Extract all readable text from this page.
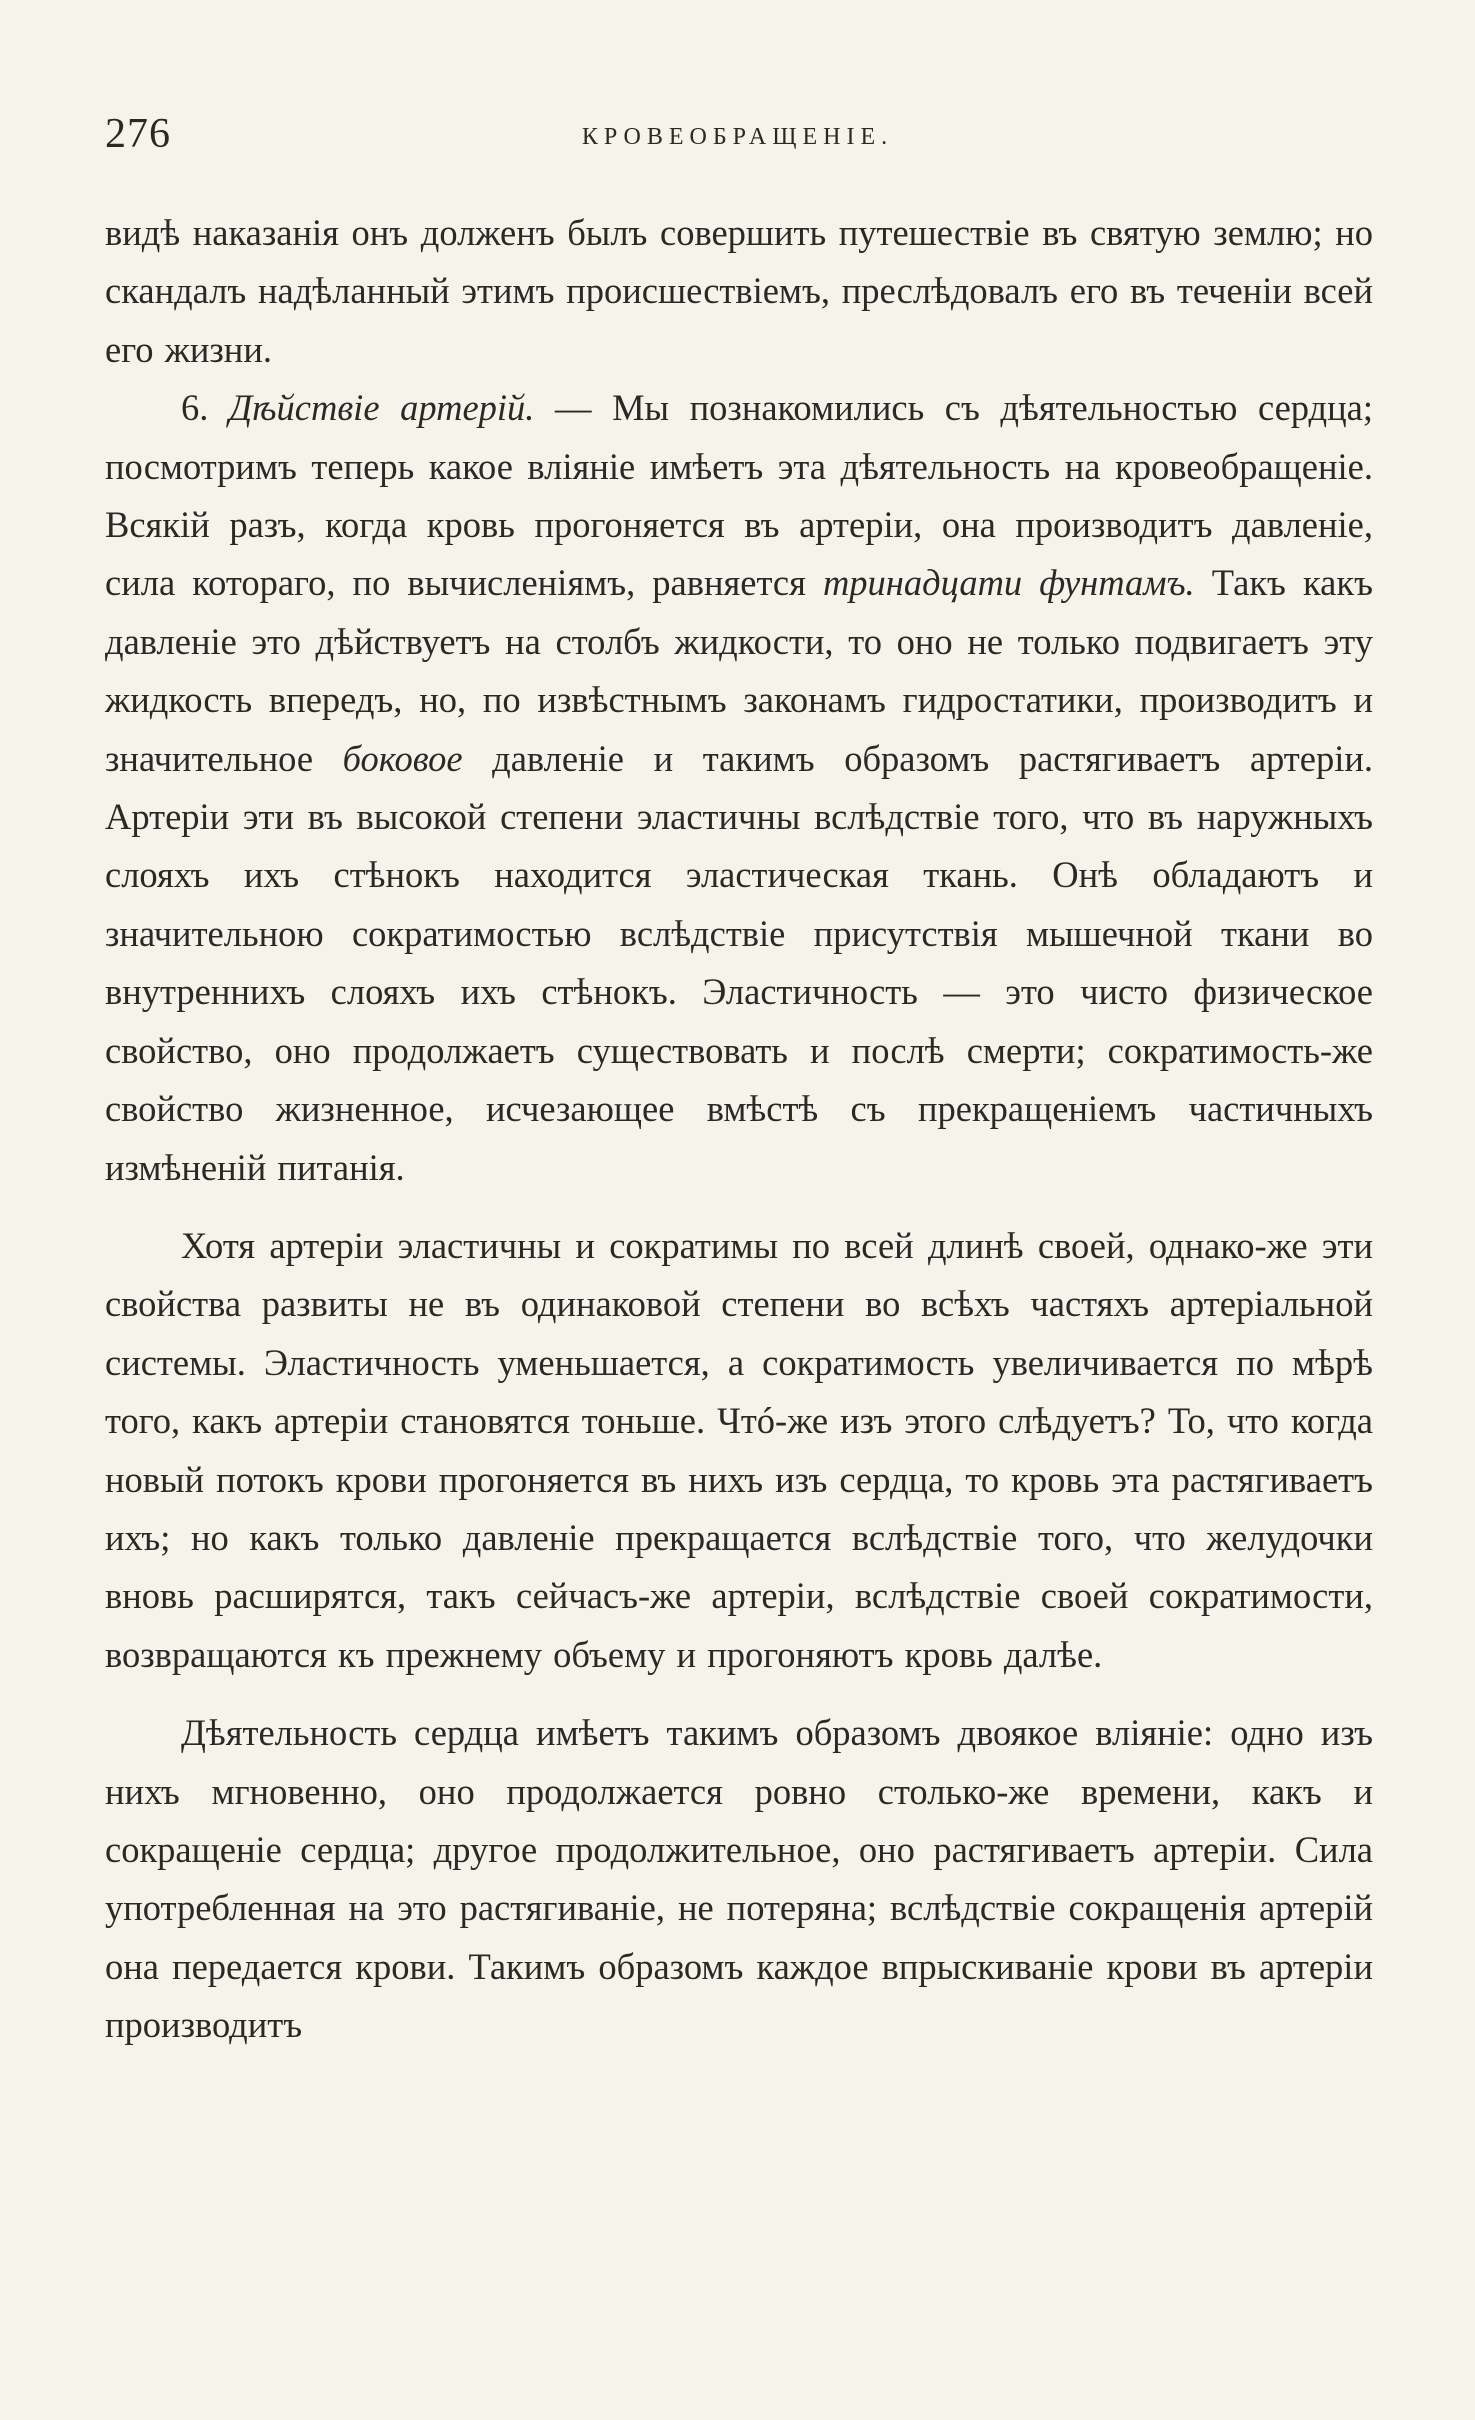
276	КРОВЕОБРАЩЕНІЕ.

видѣ наказанія онъ долженъ былъ совершить путешествіе въ святую землю; но скандалъ надѣланный этимъ происшествіемъ, преслѣдовалъ его въ теченіи всей его жизни.

6. Дѣйствіе артерій. — Мы познакомились съ дѣятельностью сердца; посмотримъ теперь какое вліяніе имѣетъ эта дѣятельность на кровеобращеніе. Всякій разъ, когда кровь прогоняется въ артеріи, она производитъ давленіе, сила котораго, по вычисленіямъ, равняется тринадцати фунтамъ. Такъ какъ давленіе это дѣйствуетъ на столбъ жидкости, то оно не только подвигаетъ эту жидкость впередъ, но, по извѣстнымъ законамъ гидростатики, производитъ и значительное боковое давленіе и такимъ образомъ растягиваетъ артеріи. Артеріи эти въ высокой степени эластичны вслѣдствіе того, что въ наружныхъ слояхъ ихъ стѣнокъ находится эластическая ткань. Онѣ обладаютъ и значительною сократимостью вслѣдствіе присутствія мышечной ткани во внутреннихъ слояхъ ихъ стѣнокъ. Эластичность — это чисто физическое свойство, оно продолжаетъ существовать и послѣ смерти; сократимость-же свойство жизненное, исчезающее вмѣстѣ съ прекращеніемъ частичныхъ измѣненій питанія.

Хотя артеріи эластичны и сократимы по всей длинѣ своей, однако-же эти свойства развиты не въ одинаковой степени во всѣхъ частяхъ артеріальной системы. Эластичность уменьшается, а сократимость увеличивается по мѣрѣ того, какъ артеріи становятся тоньше. Чтó-же изъ этого слѣдуетъ? То, что когда новый потокъ крови прогоняется въ нихъ изъ сердца, то кровь эта растягиваетъ ихъ; но какъ только давленіе прекращается вслѣдствіе того, что желудочки вновь расширятся, такъ сейчасъ-же артеріи, вслѣдствіе своей сократимости, возвращаются къ прежнему объему и прогоняютъ кровь далѣе.

Дѣятельность сердца имѣетъ такимъ образомъ двоякое вліяніе: одно изъ нихъ мгновенно, оно продолжается ровно столько-же времени, какъ и сокращеніе сердца; другое продолжительное, оно растягиваетъ артеріи. Сила употребленная на это растягиваніе, не потеряна; вслѣдствіе сокращенія артерій она передается крови. Такимъ образомъ каждое впрыскиваніе крови въ артеріи производитъ
